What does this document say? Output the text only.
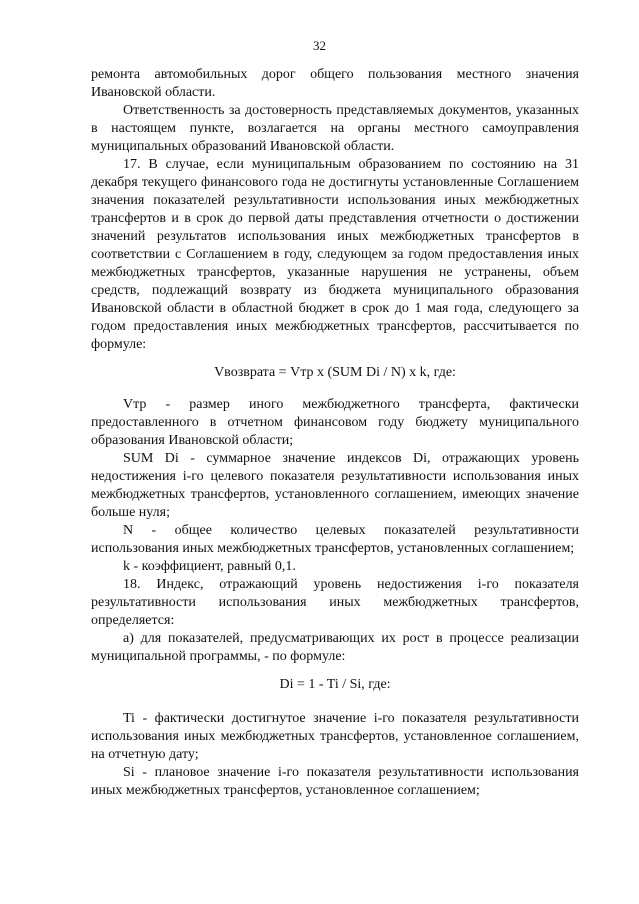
32

ремонта автомобильных дорог общего пользования местного значения Ивановской области.

Ответственность за достоверность представляемых документов, указанных в настоящем пункте, возлагается на органы местного самоуправления муниципальных образований Ивановской области.

17. В случае, если муниципальным образованием по состоянию на 31 декабря текущего финансового года не достигнуты установленные Соглашением значения показателей результативности использования иных межбюджетных трансфертов и в срок до первой даты представления отчетности о достижении значений результатов использования иных межбюджетных трансфертов в соответствии с Соглашением в году, следующем за годом предоставления иных межбюджетных трансфертов, указанные нарушения не устранены, объем средств, подлежащий возврату из бюджета муниципального образования Ивановской области в областной бюджет в срок до 1 мая года, следующего за годом предоставления иных межбюджетных трансфертов, рассчитывается по формуле:

Vвозврата = Vтр x (SUM Di / N) x k, где:

Vтр - размер иного межбюджетного трансферта, фактически предоставленного в отчетном финансовом году бюджету муниципального образования Ивановской области;

SUM Di - суммарное значение индексов Di, отражающих уровень недостижения i-го целевого показателя результативности использования иных межбюджетных трансфертов, установленного соглашением, имеющих значение больше нуля;

N - общее количество целевых показателей результативности использования иных межбюджетных трансфертов, установленных соглашением;

k - коэффициент, равный 0,1.

18. Индекс, отражающий уровень недостижения i-го показателя результативности использования иных межбюджетных трансфертов, определяется:

а) для показателей, предусматривающих их рост в процессе реализации муниципальной программы, - по формуле:

Di = 1 - Ti / Si, где:

Ti - фактически достигнутое значение i-го показателя результативности использования иных межбюджетных трансфертов, установленное соглашением, на отчетную дату;

Si - плановое значение i-го показателя результативности использования иных межбюджетных трансфертов, установленное соглашением;
